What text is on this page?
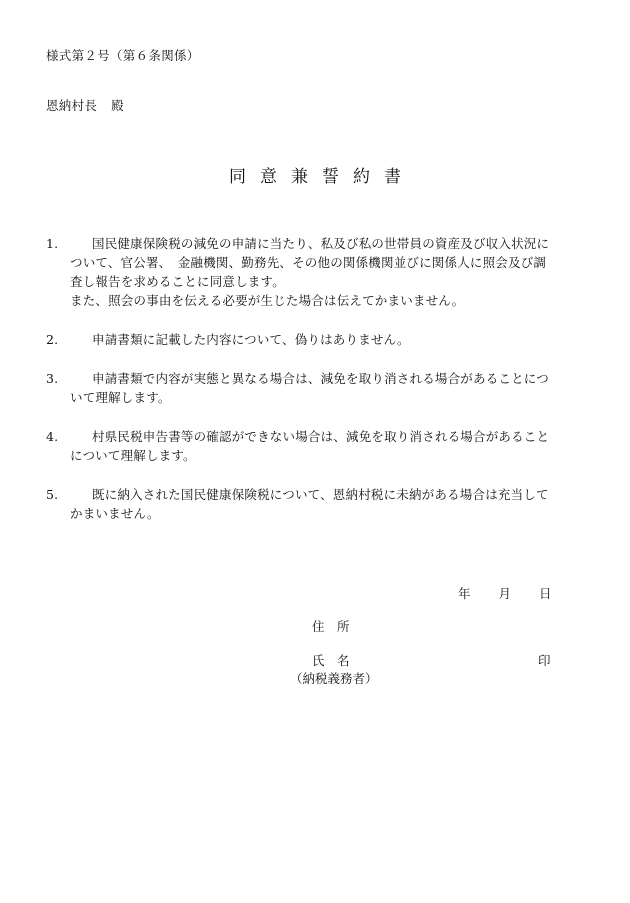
様式第２号（第６条関係）
恩納村長 殿
同意兼誓約書
1.	国民健康保険税の減免の申請に当たり、私及び私の世帯員の資産及び収入状況に
ついて、官公署、　金融機関、勤務先、その他の関係機関並びに関係人に照会及び調
査し報告を求めることに同意します。
また、照会の事由を伝える必要が生じた場合は伝えてかまいません。
2.	申請書類に記載した内容について、偽りはありません。
3.	申請書類で内容が実態と異なる場合は、減免を取り消される場合があることにつ
いて理解します。
4.	村県民税申告書等の確認ができない場合は、減免を取り消される場合があること
について理解します。
5.	既に納入された国民健康保険税について、恩納村税に未納がある場合は充当して
かまいません。
年 月 日
住　所
氏　名	印
（納税義務者）
